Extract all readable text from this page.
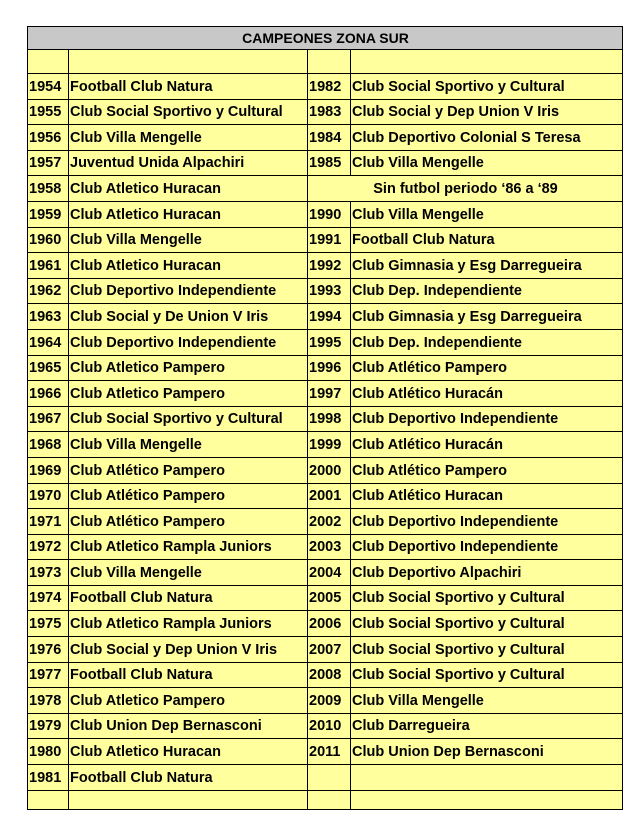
CAMPEONES ZONA SUR			

1954	Football Club Natura	1982	Club Social Sportivo y Cultural
1955	Club Social Sportivo y Cultural	1983	Club Social y Dep Union V Iris
1956	Club Villa Mengelle	1984	Club Deportivo Colonial S Teresa
1957	Juventud Unida Alpachiri	1985	Club Villa Mengelle
1958	Club Atletico Huracan	Sin futbol periodo ‘86 a ‘89	
1959	Club Atletico Huracan	1990	Club Villa Mengelle
1960	Club Villa Mengelle	1991	Football Club Natura
1961	Club Atletico Huracan	1992	Club Gimnasia y Esg Darregueira
1962	Club Deportivo Independiente	1993	Club Dep. Independiente
1963	Club Social y De Union V Iris	1994	Club Gimnasia y Esg Darregueira
1964	Club Deportivo Independiente	1995	Club Dep. Independiente
1965	Club Atletico Pampero	1996	Club Atlético Pampero
1966	Club Atletico Pampero	1997	Club Atlético Huracán
1967	Club Social Sportivo y Cultural	1998	Club Deportivo Independiente
1968	Club Villa Mengelle	1999	Club Atlético Huracán
1969	Club Atlético Pampero	2000	Club Atlético Pampero
1970	Club Atlético Pampero	2001	Club Atlético Huracan
1971	Club Atlético Pampero	2002	Club Deportivo Independiente
1972	Club Atletico Rampla Juniors	2003	Club Deportivo Independiente
1973	Club Villa Mengelle	2004	Club Deportivo Alpachiri
1974	Football Club Natura	2005	Club Social Sportivo y Cultural
1975	Club Atletico Rampla Juniors	2006	Club Social Sportivo y Cultural
1976	Club Social y Dep Union V Iris	2007	Club Social Sportivo y Cultural
1977	Football Club Natura	2008	Club Social Sportivo y Cultural
1978	Club Atletico Pampero	2009	Club Villa Mengelle
1979	Club Union Dep Bernasconi	2010	Club Darregueira
1980	Club Atletico Huracan	2011	Club Union Dep Bernasconi
1981	Football Club Natura		
